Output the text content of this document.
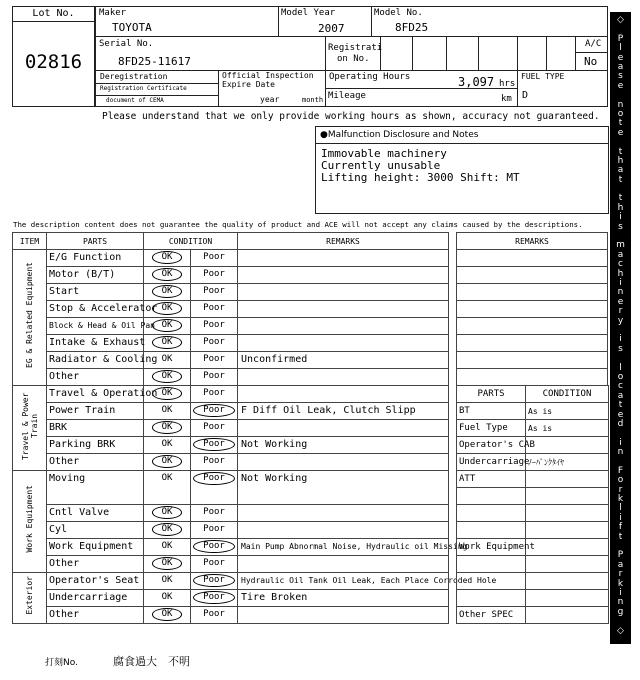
Lot No.
02816
Maker
TOYOTA
Model Year
2007
Model No.
8FD25
Serial No.
8FD25-11617
Registrati
on No.
A/C
No
Deregistration
Registration Certificate
document of CEMA
Official Inspection
Expire Date
year	month
Operating Hours	3,097 hrs
Mileage	km
FUEL TYPE
D
Please understand that we only provide working hours as shown, accuracy not guaranteed.
●Malfunction Disclosure and Notes
Immovable machinery
Currently unusable
Lifting height: 3000 Shift: MT
The description content does not guarantee the quality of product and ACE will not accept any claims caused by the descriptions.
ITEM	PARTS	CONDITION		REMARKS
EG & Related Equipment	E/G Function	OK	Poor	
	Motor (B/T)	OK	Poor	
	Start	OK	Poor	
	Stop & Accelerator	OK	Poor	
	Block & Head & Oil Pan	OK	Poor	
	Intake & Exhaust	OK	Poor	
	Radiator & Cooling	OK	Poor	Unconfirmed
	Other	OK	Poor	
Travel & Power Train	Travel & Operation	OK	Poor	
	Power Train	OK	Poor	F Diff Oil Leak, Clutch Slipp
	BRK	OK	Poor	
	Parking BRK	OK	Poor	Not Working
	Other	OK	Poor	
Work Equipment	Moving	OK	Poor	Not Working
	Cntl Valve	OK	Poor	
	Cyl	OK	Poor	
	Work Equipment	OK	Poor	Main Pump Abnormal Noise, Hydraulic oil Missing
	Other	OK	Poor	
Exterior	Operator's Seat	OK	Poor	Hydraulic Oil Tank Oil Leak, Each Place Corroded Hole
	Undercarriage	OK	Poor	Tire Broken
	Other	OK	Poor	
REMARKS

PARTS	CONDITION
BT	As is
Fuel Type	As is
Operator's CAB	
Undercarriage	ﾉｰﾊﾟﾝｸﾀｲﾔ
ATT	

Work Equipment	

Other SPEC	
◇
P
l
e
a
s
e
n
o
t
e
t
h
a
t
t
h
i
s
m
a
c
h
i
n
e
r
y
i
s
l
o
c
a
t
e
d
i
n
F
o
r
k
l
i
f
t
P
a
r
k
i
n
g
◇
打刻No.	腐食過大　不明
